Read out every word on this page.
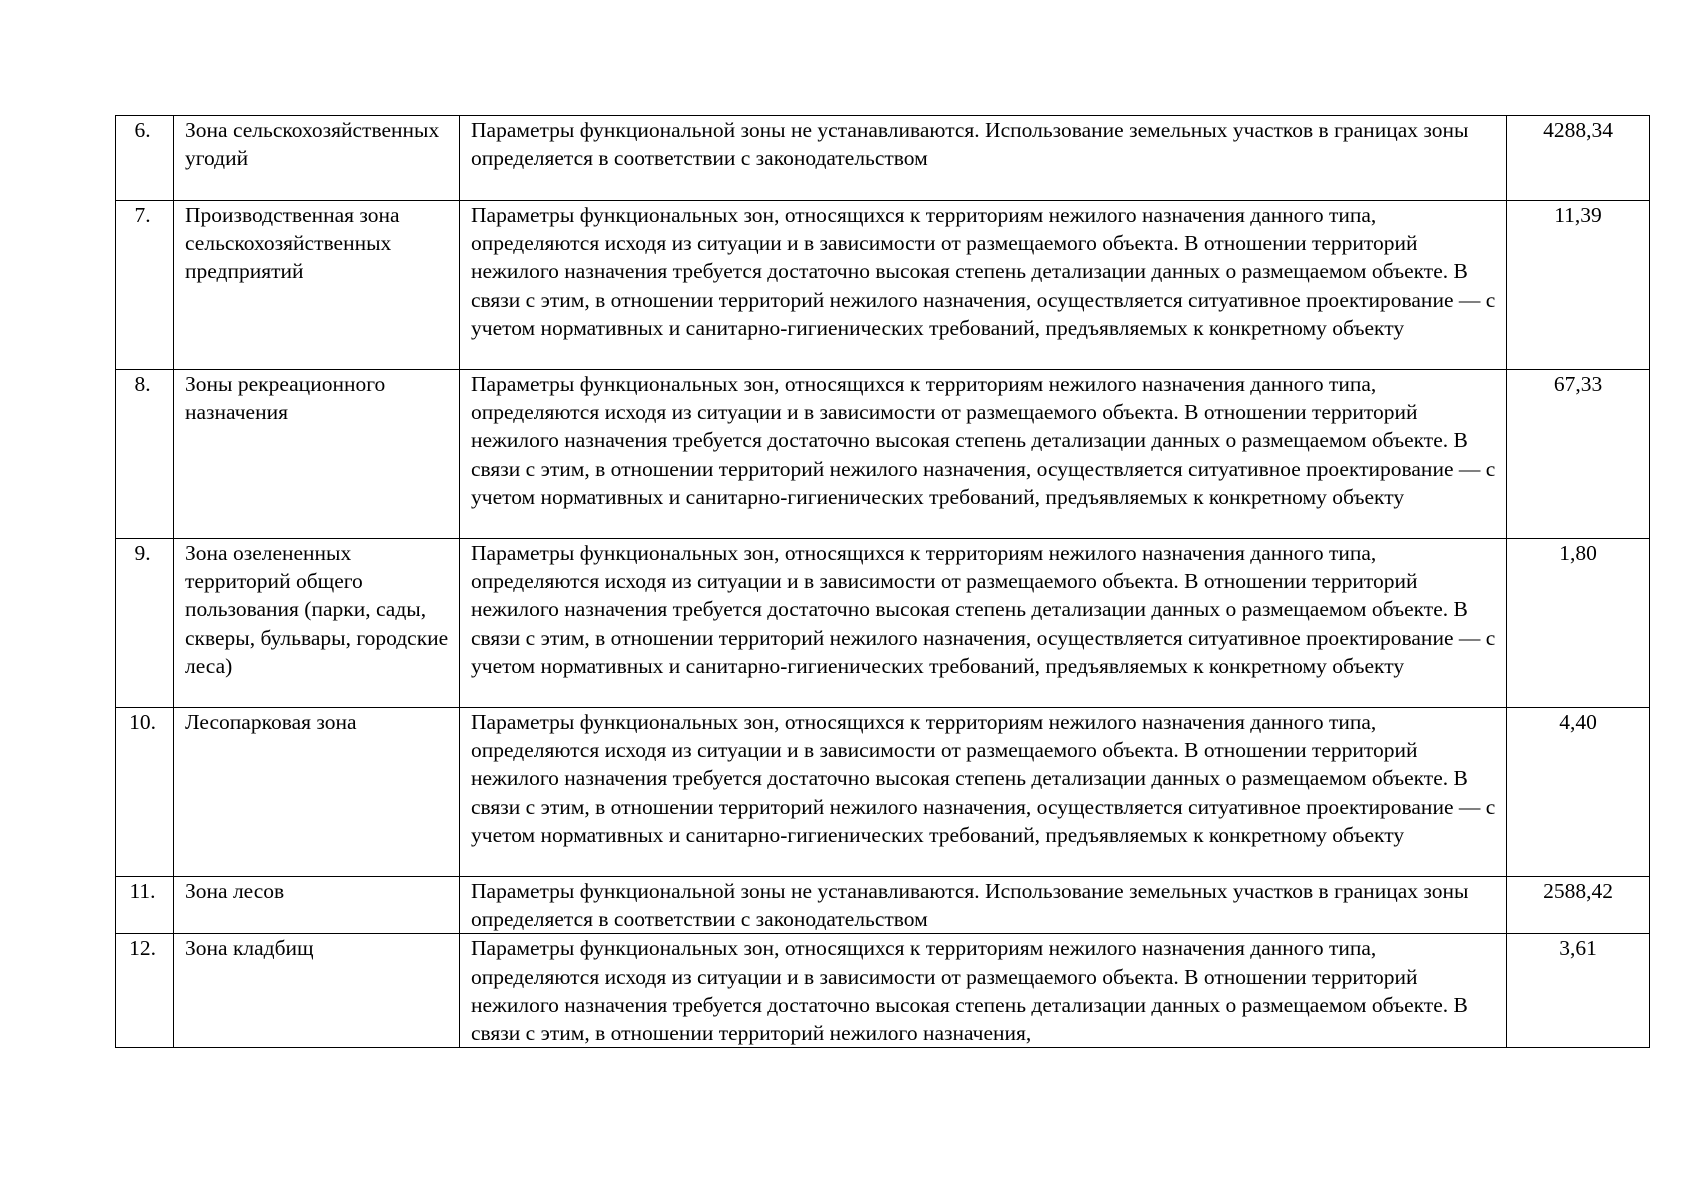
6.	Зона сельскохозяйственных угодий	Параметры функциональной зоны не устанавливаются. Использование земельных участков в границах зоны определяется в соответствии с законодательством	4288,34

7.	Производственная зона сельскохозяйственных предприятий	Параметры функциональных зон, относящихся к территориям нежилого назначения данного типа, определяются исходя из ситуации и в зависимости от размещаемого объекта. В отношении территорий нежилого назначения требуется достаточно высокая степень детализации данных о размещаемом объекте. В связи с этим, в отношении территорий нежилого назначения, осуществляется ситуативное проектирование — с учетом нормативных и санитарно-гигиенических требований, предъявляемых к конкретному объекту	11,39

8.	Зоны рекреационного назначения	Параметры функциональных зон, относящихся к территориям нежилого назначения данного типа, определяются исходя из ситуации и в зависимости от размещаемого объекта. В отношении территорий нежилого назначения требуется достаточно высокая степень детализации данных о размещаемом объекте. В связи с этим, в отношении территорий нежилого назначения, осуществляется ситуативное проектирование — с учетом нормативных и санитарно-гигиенических требований, предъявляемых к конкретному объекту	67,33

9.	Зона озелененных территорий общего пользования (парки, сады, скверы, бульвары, городские леса)	Параметры функциональных зон, относящихся к территориям нежилого назначения данного типа, определяются исходя из ситуации и в зависимости от размещаемого объекта. В отношении территорий нежилого назначения требуется достаточно высокая степень детализации данных о размещаемом объекте. В связи с этим, в отношении территорий нежилого назначения, осуществляется ситуативное проектирование — с учетом нормативных и санитарно-гигиенических требований, предъявляемых к конкретному объекту	1,80

10.	Лесопарковая зона	Параметры функциональных зон, относящихся к территориям нежилого назначения данного типа, определяются исходя из ситуации и в зависимости от размещаемого объекта. В отношении территорий нежилого назначения требуется достаточно высокая степень детализации данных о размещаемом объекте. В связи с этим, в отношении территорий нежилого назначения, осуществляется ситуативное проектирование — с учетом нормативных и санитарно-гигиенических требований, предъявляемых к конкретному объекту	4,40

11.	Зона лесов	Параметры функциональной зоны не устанавливаются. Использование земельных участков в границах зоны определяется в соответствии с законодательством	2588,42

12.	Зона кладбищ	Параметры функциональных зон, относящихся к территориям нежилого назначения данного типа, определяются исходя из ситуации и в зависимости от размещаемого объекта. В отношении территорий нежилого назначения требуется достаточно высокая степень детализации данных о размещаемом объекте. В связи с этим, в отношении территорий нежилого назначения,	3,61
